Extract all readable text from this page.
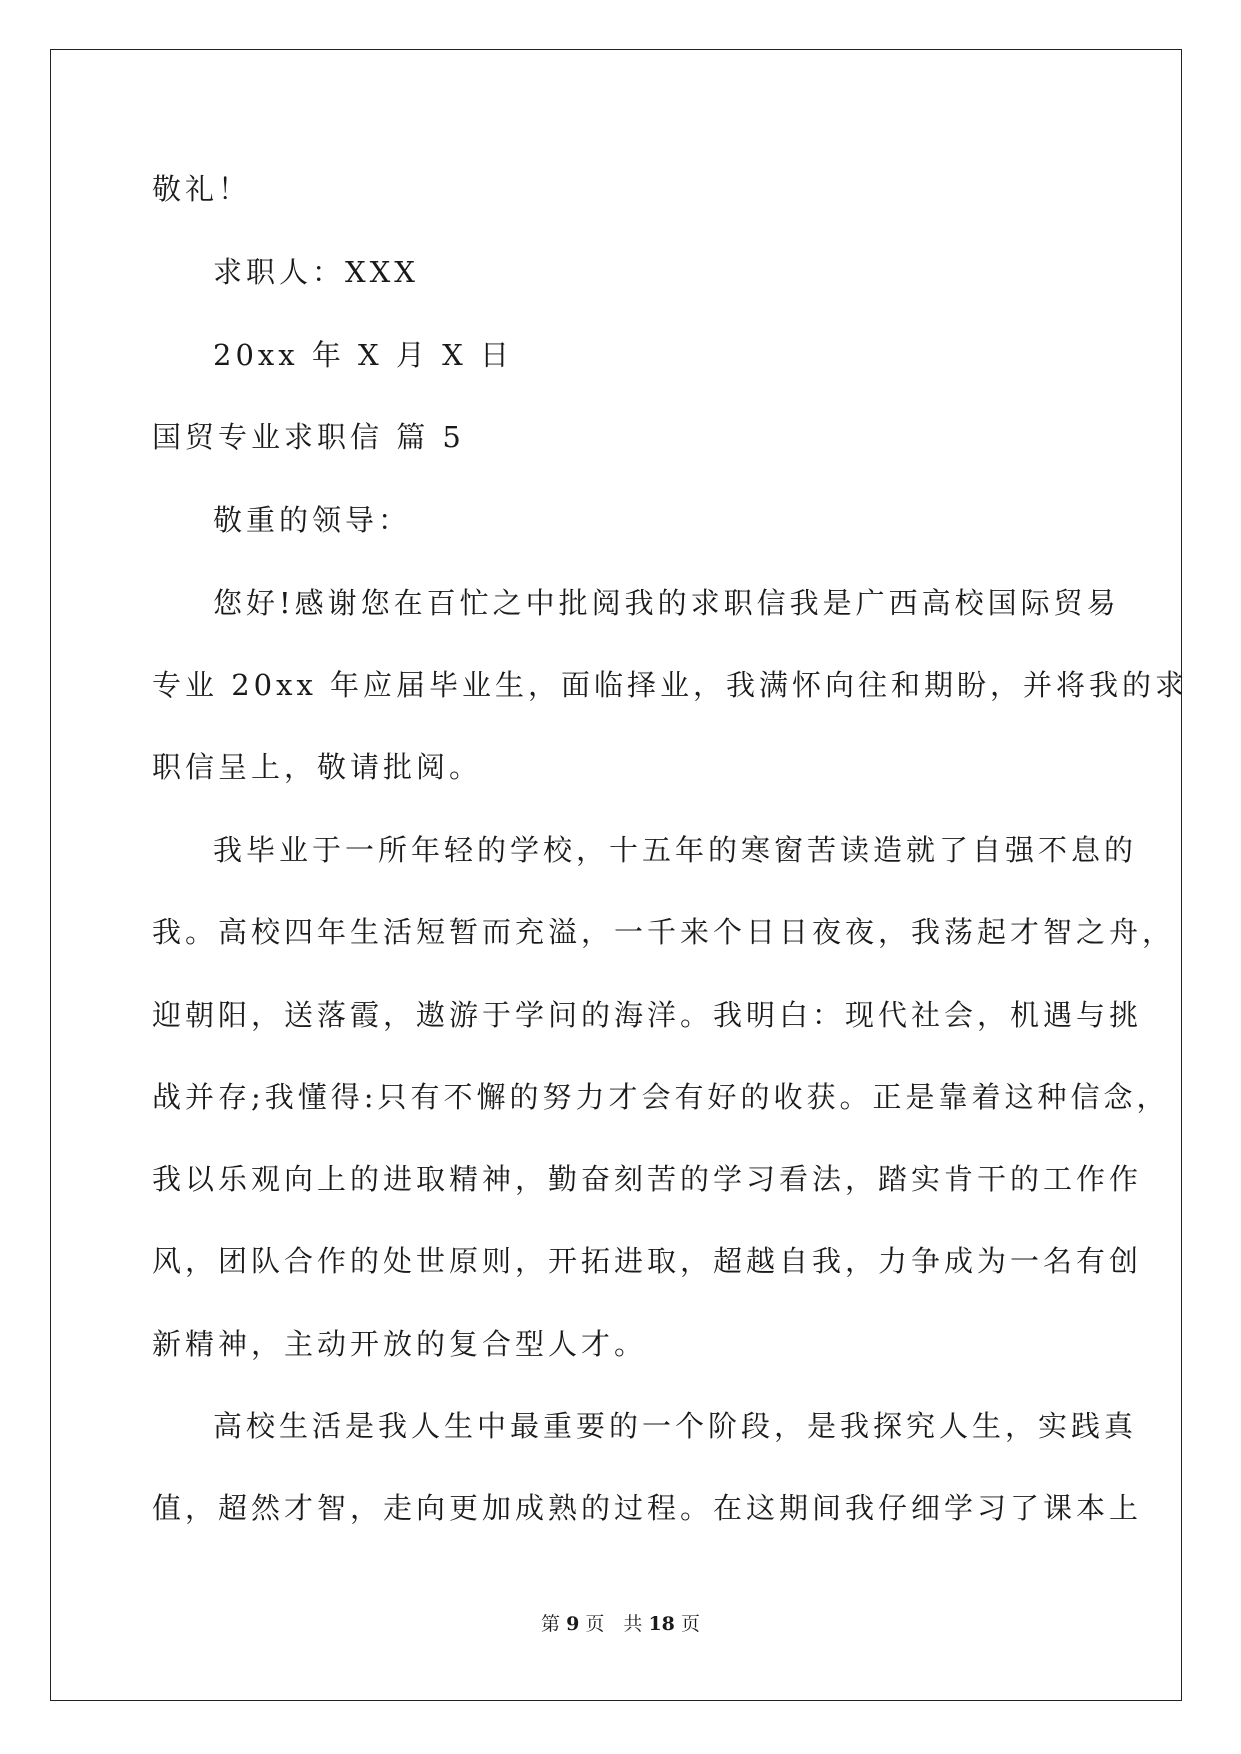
敬礼！
求职人：XXX
20xx 年 X 月 X 日
国贸专业求职信 篇 5
敬重的领导：
您好!感谢您在百忙之中批阅我的求职信我是广西高校国际贸易
专业 20xx 年应届毕业生，面临择业，我满怀向往和期盼，并将我的求
职信呈上，敬请批阅。
我毕业于一所年轻的学校，十五年的寒窗苦读造就了自强不息的
我。高校四年生活短暂而充溢，一千来个日日夜夜，我荡起才智之舟，
迎朝阳，送落霞，遨游于学问的海洋。我明白：现代社会，机遇与挑
战并存;我懂得:只有不懈的努力才会有好的收获。正是靠着这种信念，
我以乐观向上的进取精神，勤奋刻苦的学习看法，踏实肯干的工作作
风，团队合作的处世原则，开拓进取，超越自我，力争成为一名有创
新精神，主动开放的复合型人才。
高校生活是我人生中最重要的一个阶段，是我探究人生，实践真
值，超然才智，走向更加成熟的过程。在这期间我仔细学习了课本上
第 9 页　共 18 页
